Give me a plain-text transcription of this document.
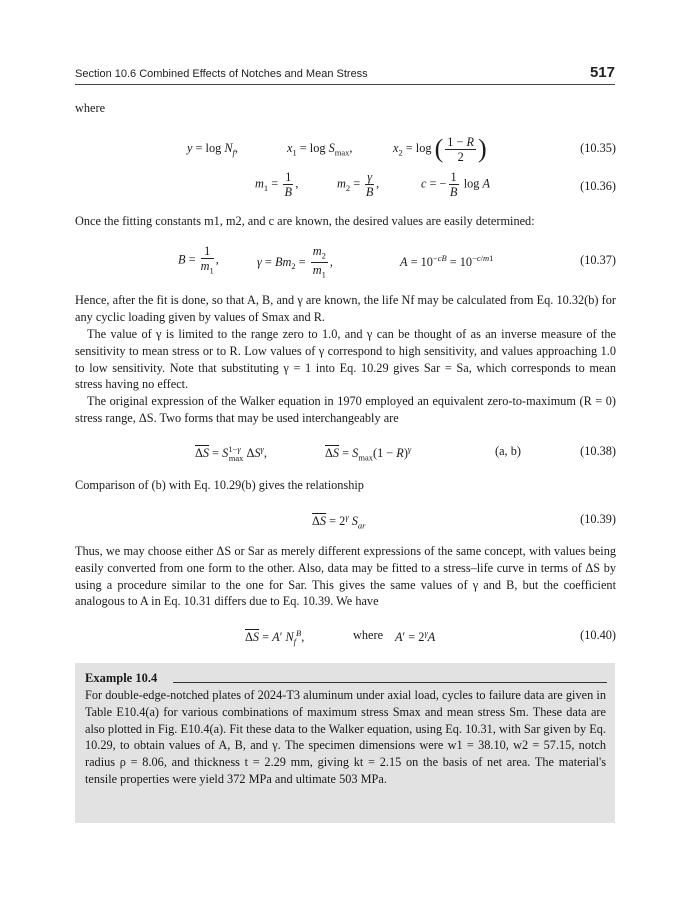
Section 10.6 Combined Effects of Notches and Mean Stress	517
where
$y = \log N_f$,	$x_1 = \log S_{max}$,	$x_2 = \log$ ( $\frac{1 - R}{2}$ )	(10.35)
$m_1 = \frac{1}{B}$ ,	$m_2 = \frac{\gamma}{B}$ ,	c = − $\frac{1}{B}$ log A	(10.36)
Once the fitting constants m1, m2, and c are known, the desired values are easily determined:
$B = \frac{1}{m_1}$ ,	$\gamma = Bm_2 = \frac{m_2}{m_1}$ ,	$A = 10^{-cB} = 10^{-c/m1}$	(10.37)
Hence, after the fit is done, so that A, B, and γ are known, the life Nf may be calculated from Eq. 10.32(b) for any cyclic loading given by values of Smax and R.
The value of γ is limited to the range zero to 1.0, and γ can be thought of as an inverse measure of the sensitivity to mean stress or to R. Low values of γ correspond to high sensitivity, and values approaching 1.0 to low sensitivity. Note that substituting γ = 1 into Eq. 10.29 gives Sar = Sa, which corresponds to mean stress having no effect.
The original expression of the Walker equation in 1970 employed an equivalent zero-to-maximum (R = 0) stress range, ΔS. Two forms that may be used interchangeably are
$\Delta S = S^{1-\gamma}_{max}$ $\Delta S^\gamma$,	$\Delta S = S_{max}(1 - R)^\gamma$	(a, b)	(10.38)
Comparison of (b) with Eq. 10.29(b) gives the relationship
$\Delta S = 2^\gamma$ $S_{ar}$	(10.39)
Thus, we may choose either ΔS or Sar as merely different expressions of the same concept, with values being easily converted from one form to the other. Also, data may be fitted to a stress–life curve in terms of ΔS by using a procedure similar to the one for Sar. This gives the same values of γ and B, but the coefficient analogous to A in Eq. 10.31 differs due to Eq. 10.39. We have
ΔS = A′ $N_f^B$,	where $A' = 2^\gamma A$	(10.40)
Example 10.4
For double-edge-notched plates of 2024-T3 aluminum under axial load, cycles to failure data are given in Table E10.4(a) for various combinations of maximum stress Smax and mean stress Sm. These data are also plotted in Fig. E10.4(a). Fit these data to the Walker equation, using Eq. 10.31, with Sar given by Eq. 10.29, to obtain values of A, B, and γ. The specimen dimensions were w1 = 38.10, w2 = 57.15, notch radius ρ = 8.06, and thickness t = 2.29 mm, giving kt = 2.15 on the basis of net area. The material's tensile properties were yield 372 MPa and ultimate 503 MPa.
